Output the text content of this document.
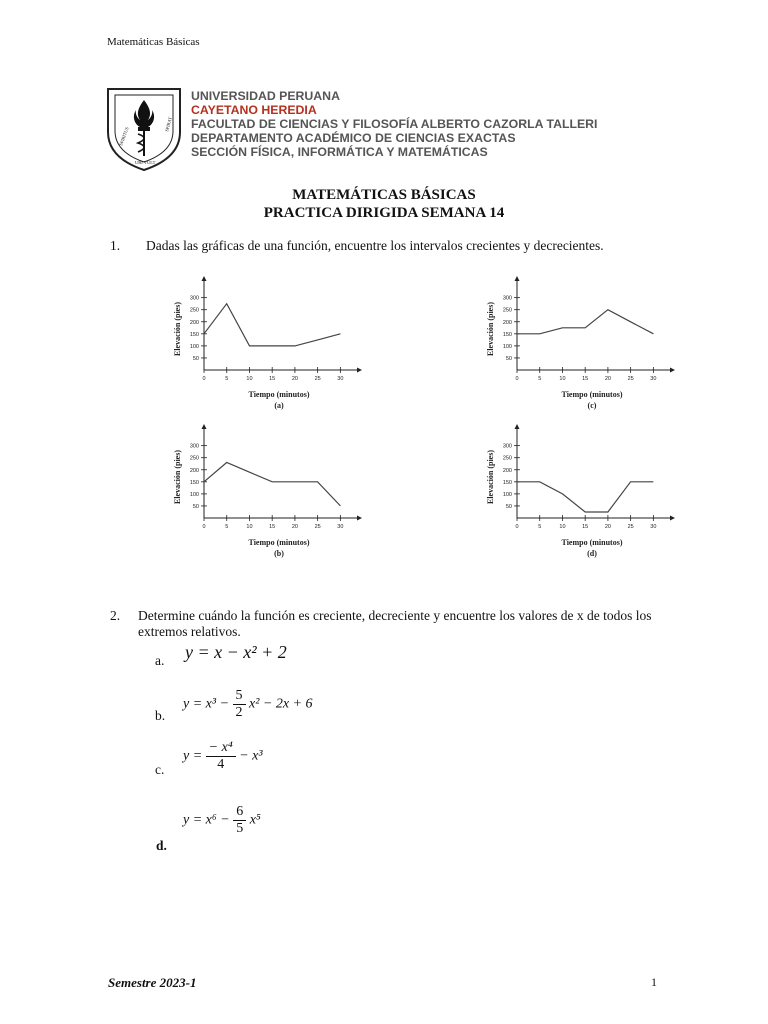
Matemáticas Básicas
SPIRITUS
UBI VULT
SPIRAT
UNIVERSIDAD PERUANA
CAYETANO HEREDIA
FACULTAD DE CIENCIAS Y FILOSOFÍA ALBERTO CAZORLA TALLERI
DEPARTAMENTO ACADÉMICO DE CIENCIAS EXACTAS
SECCIÓN FÍSICA, INFORMÁTICA Y MATEMÁTICAS
MATEMÁTICAS BÁSICAS
PRACTICA DIRIGIDA SEMANA 14
1. Dadas las gráficas de una función, encuentre los intervalos crecientes y decrecientes.
0	5	10	15	20	25	30
50
100
150
200
250
300
Tiempo (minutos)
(a)
Elevación (pies)
0	5	10	15	20	25	30
50
100
150
200
250
300
Tiempo (minutos)
(c)
Elevación (pies)
0	5	10	15	20	25	30
50
100
150
200
250
300
Tiempo (minutos)
(b)
Elevación (pies)
0	5	10	15	20	25	30
50
100
150
200
250
300
Tiempo (minutos)
(d)
Elevación (pies)
2. Determine cuándo la función es creciente, decreciente y encuentre los valores de x de todos los extremos relativos.
a. y = x − x² + 2
b.
$y = x^3 - \frac{5}{2} x^2 - 2x + 6$
c.
$y = \frac{\text{− x⁴}}{4} - x^3$
$y = x^6 - \frac{6}{5} x^5$
d.
Semestre 2023-1	1
